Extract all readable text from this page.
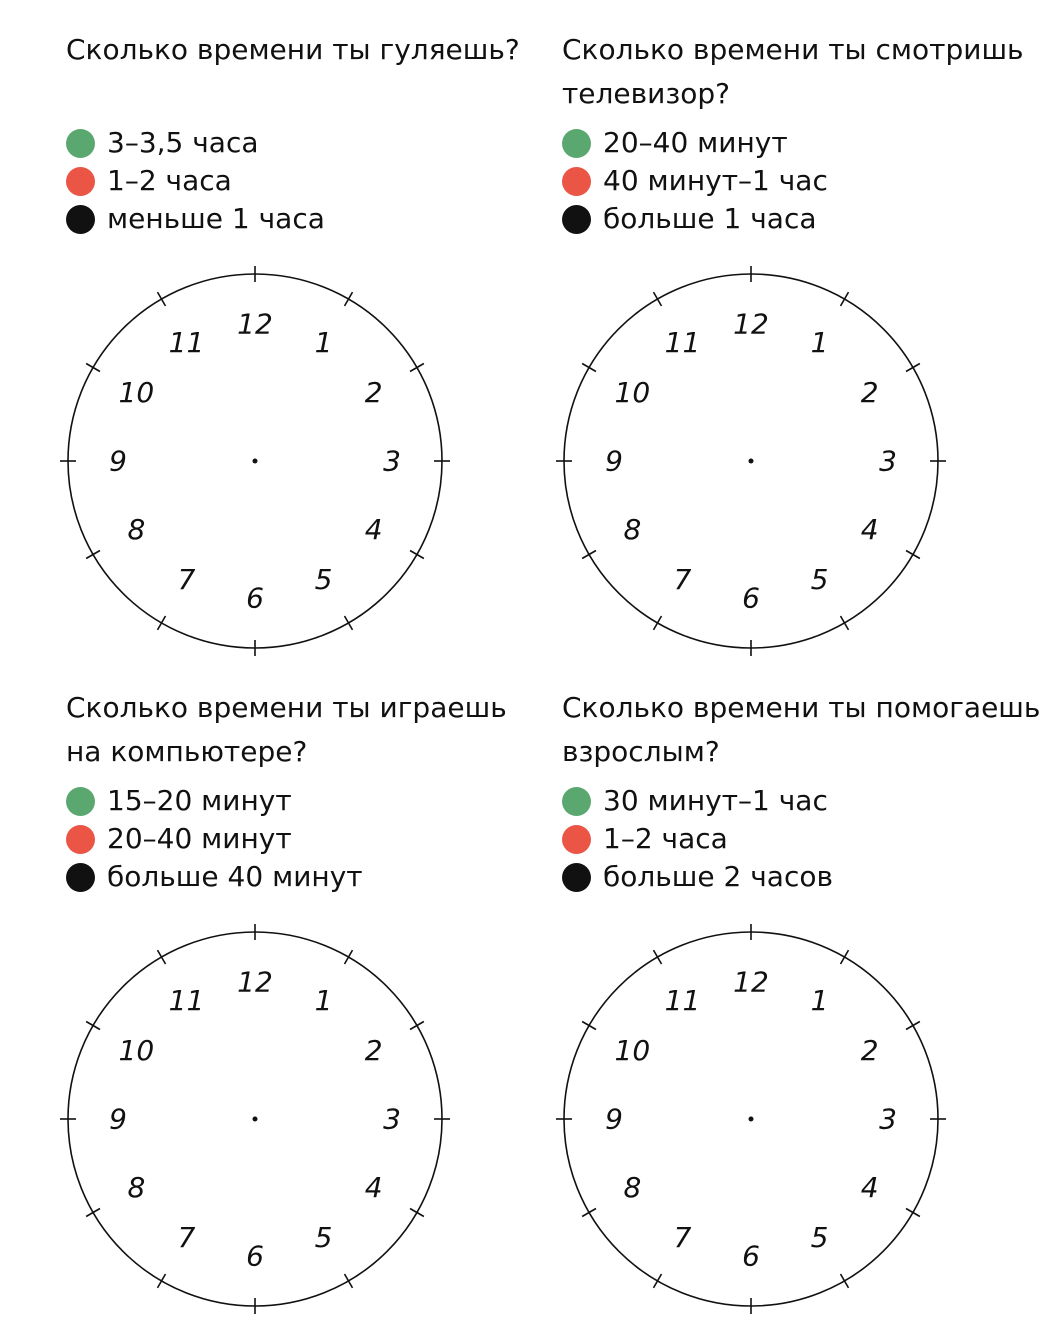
Сколько времени ты гуляешь?
3–3,5 часа
1–2 часа
меньше 1 часа
12
1
2
3
4
5
6
7
8
9
10
11
Сколько времени ты смотришь телевизор?
20–40 минут
40 минут–1 час
больше 1 часа
12
1
2
3
4
5
6
7
8
9
10
11
Сколько времени ты играешь на компьютере?
15–20 минут
20–40 минут
больше 40 минут
12
1
2
3
4
5
6
7
8
9
10
11
Сколько времени ты помогаешь взрослым?
30 минут–1 час
1–2 часа
больше 2 часов
12
1
2
3
4
5
6
7
8
9
10
11
